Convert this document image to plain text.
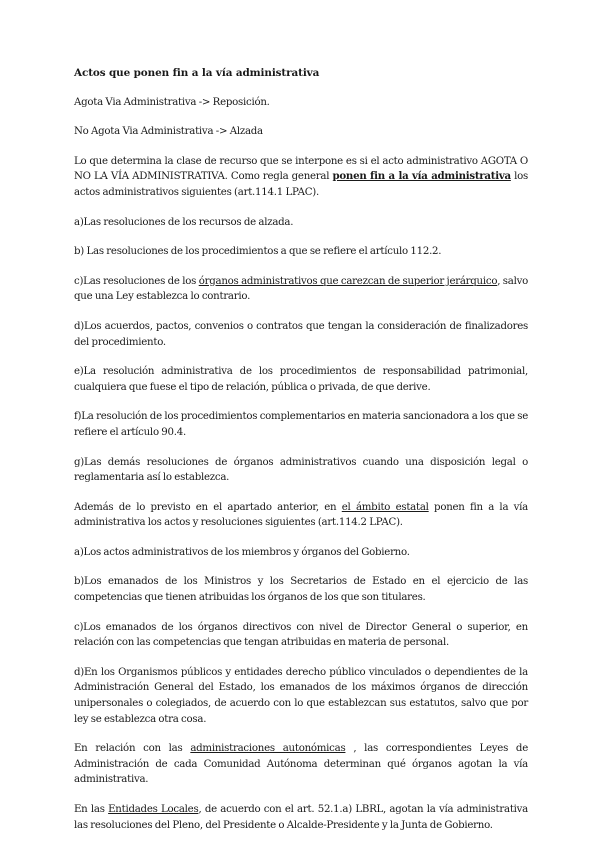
Actos que ponen fin a la vía administrativa

Agota Via Administrativa -> Reposición.

No Agota Via Administrativa -> Alzada

Lo que determina la clase de recurso que se interpone es si el acto administrativo AGOTA O NO LA VÍA ADMINISTRATIVA. Como regla general ponen fin a la vía administrativa los actos administrativos siguientes (art.114.1 LPAC).

a)Las resoluciones de los recursos de alzada.

b) Las resoluciones de los procedimientos a que se refiere el artículo 112.2.

c)Las resoluciones de los órganos administrativos que carezcan de superior jerárquico, salvo que una Ley establezca lo contrario.

d)Los acuerdos, pactos, convenios o contratos que tengan la consideración de finalizadores del procedimiento.

e)La resolución administrativa de los procedimientos de responsabilidad patrimonial, cualquiera que fuese el tipo de relación, pública o privada, de que derive.

f)La resolución de los procedimientos complementarios en materia sancionadora a los que se refiere el artículo 90.4.

g)Las demás resoluciones de órganos administrativos cuando una disposición legal o reglamentaria así lo establezca.

Además de lo previsto en el apartado anterior, en el ámbito estatal ponen fin a la vía administrativa los actos y resoluciones siguientes (art.114.2 LPAC).

a)Los actos administrativos de los miembros y órganos del Gobierno.

b)Los emanados de los Ministros y los Secretarios de Estado en el ejercicio de las competencias que tienen atribuidas los órganos de los que son titulares.

c)Los emanados de los órganos directivos con nivel de Director General o superior, en relación con las competencias que tengan atribuidas en materia de personal.

d)En los Organismos públicos y entidades derecho público vinculados o dependientes de la Administración General del Estado, los emanados de los máximos órganos de dirección unipersonales o colegiados, de acuerdo con lo que establezcan sus estatutos, salvo que por ley se establezca otra cosa.

En relación con las administraciones autonómicas , las correspondientes Leyes de Administración de cada Comunidad Autónoma determinan qué órganos agotan la vía administrativa.

En las Entidades Locales, de acuerdo con el art. 52.1.a) LBRL, agotan la vía administrativa las resoluciones del Pleno, del Presidente o Alcalde-Presidente y la Junta de Gobierno.
